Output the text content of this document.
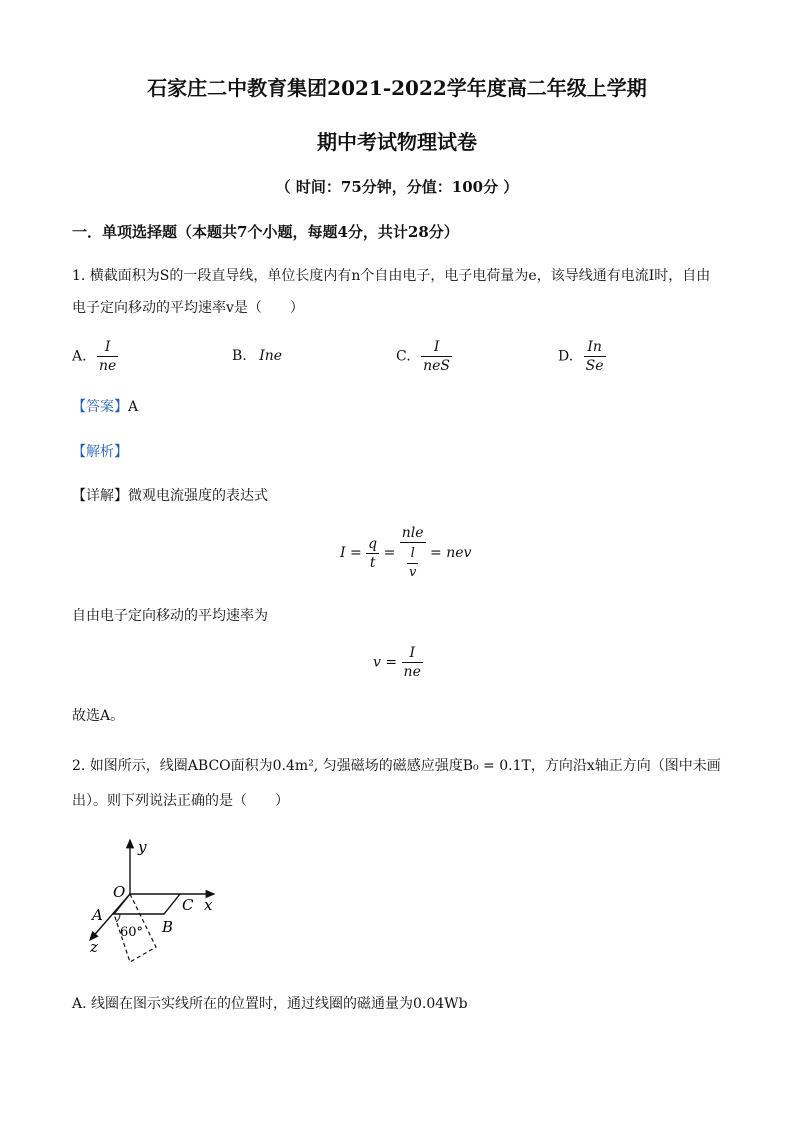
石家庄二中教育集团2021-2022学年度高二年级上学期
期中考试物理试卷
（ 时间：75分钟，分值：100分 ）
一．单项选择题（本题共7个小题，每题4分，共计28分）
1. 横截面积为S的一段直导线，单位长度内有n个自由电子，电子电荷量为e，该导线通有电流I时，自由
电子定向移动的平均速率v是（　　）
A. $\frac{I}{ne}$	B. Ine	C. $\frac{I}{\text{neS}}$	D. $\frac{In}{Se}$
【答案】A
【解析】
【详解】微观电流强度的表达式
$I = \frac{q}{t} = \frac{\text{nle}}{\frac{l}{v}}$ = nev
自由电子定向移动的平均速率为
$v = \frac{I}{ne}$
故选A。
2. 如图所示，线圈ABCO面积为0.4m², 匀强磁场的磁感应强度B₀ = 0.1T，方向沿x轴正方向（图中未画
出）。则下列说法正确的是（　　）
y
x
z
O
A
B
C
60°
A. 线圈在图示实线所在的位置时，通过线圈的磁通量为0.04Wb
